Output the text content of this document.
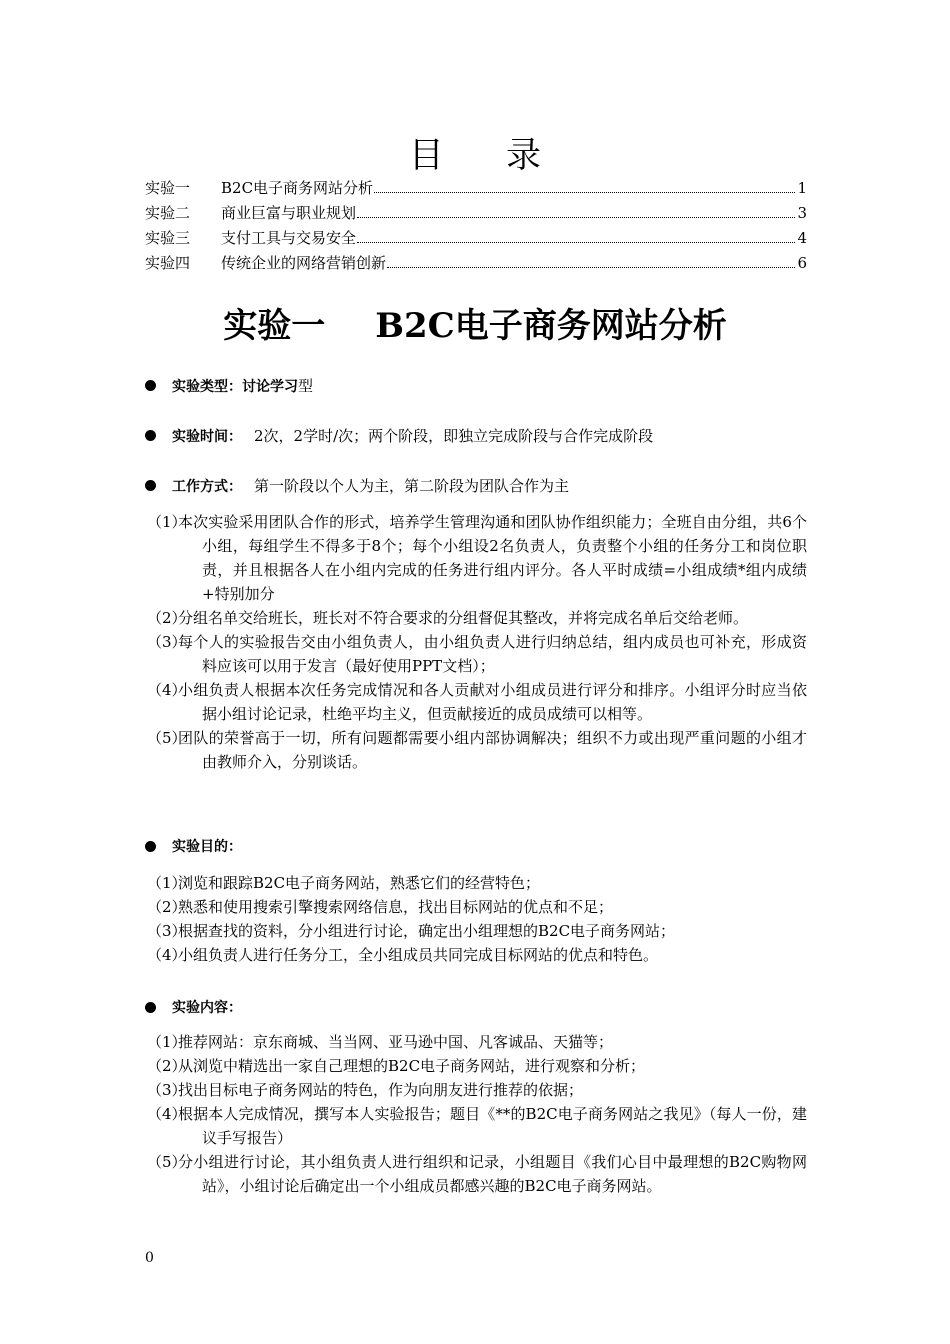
目 录
实验一	B2C电子商务网站分析	1
实验二	商业巨富与职业规划	3
实验三	支付工具与交易安全	4
实验四	传统企业的网络营销创新	6
实验一 B2C电子商务网站分析
实验类型：讨论学习 型
实验时间： 2次，2学时/次；两个阶段，即独立完成阶段与合作完成阶段
工作方式： 第一阶段以个人为主，第二阶段为团队合作为主
（1）
本次实验采用团队合作的形式，培养学生管理沟通和团队协作组织能力；全班自由分组，共6个小组，每组学生不得多于8个；每个小组设2名负责人，负责整个小组的任务分工和岗位职责，并且根据各人在小组内完成的任务进行组内评分。各人平时成绩=小组成绩*组内成绩+特别加分
（2）
分组名单交给班长，班长对不符合要求的分组督促其整改，并将完成名单后交给老师。
（3）
每个人的实验报告交由小组负责人，由小组负责人进行归纳总结，组内成员也可补充，形成资料应该可以用于发言（最好使用PPT文档）；
（4）
小组负责人根据本次任务完成情况和各人贡献对小组成员进行评分和排序。小组评分时应当依据小组讨论记录，杜绝平均主义，但贡献接近的成员成绩可以相等。
（5）
团队的荣誉高于一切，所有问题都需要小组内部协调解决；组织不力或出现严重问题的小组才由教师介入，分别谈话。
实验目的：
（1）
浏览和跟踪B2C电子商务网站，熟悉它们的经营特色；
（2）
熟悉和使用搜索引擎搜索网络信息，找出目标网站的优点和不足；
（3）
根据查找的资料，分小组进行讨论，确定出小组理想的B2C电子商务网站；
（4）
小组负责人进行任务分工，全小组成员共同完成目标网站的优点和特色。
实验内容：
（1）
推荐网站：京东商城、当当网、亚马逊中国、凡客诚品、天猫等；
（2）
从浏览中精选出一家自己理想的B2C电子商务网站，进行观察和分析；
（3）
找出目标电子商务网站的特色，作为向朋友进行推荐的依据；
（4）
根据本人完成情况，撰写本人实验报告；题目《**的B2C电子商务网站之我见》（每人一份，建议手写报告）
（5）
分小组进行讨论，其小组负责人进行组织和记录，小组题目《我们心目中最理想的B2C购物网站》，小组讨论后确定出一个小组成员都感兴趣的B2C电子商务网站。
0
